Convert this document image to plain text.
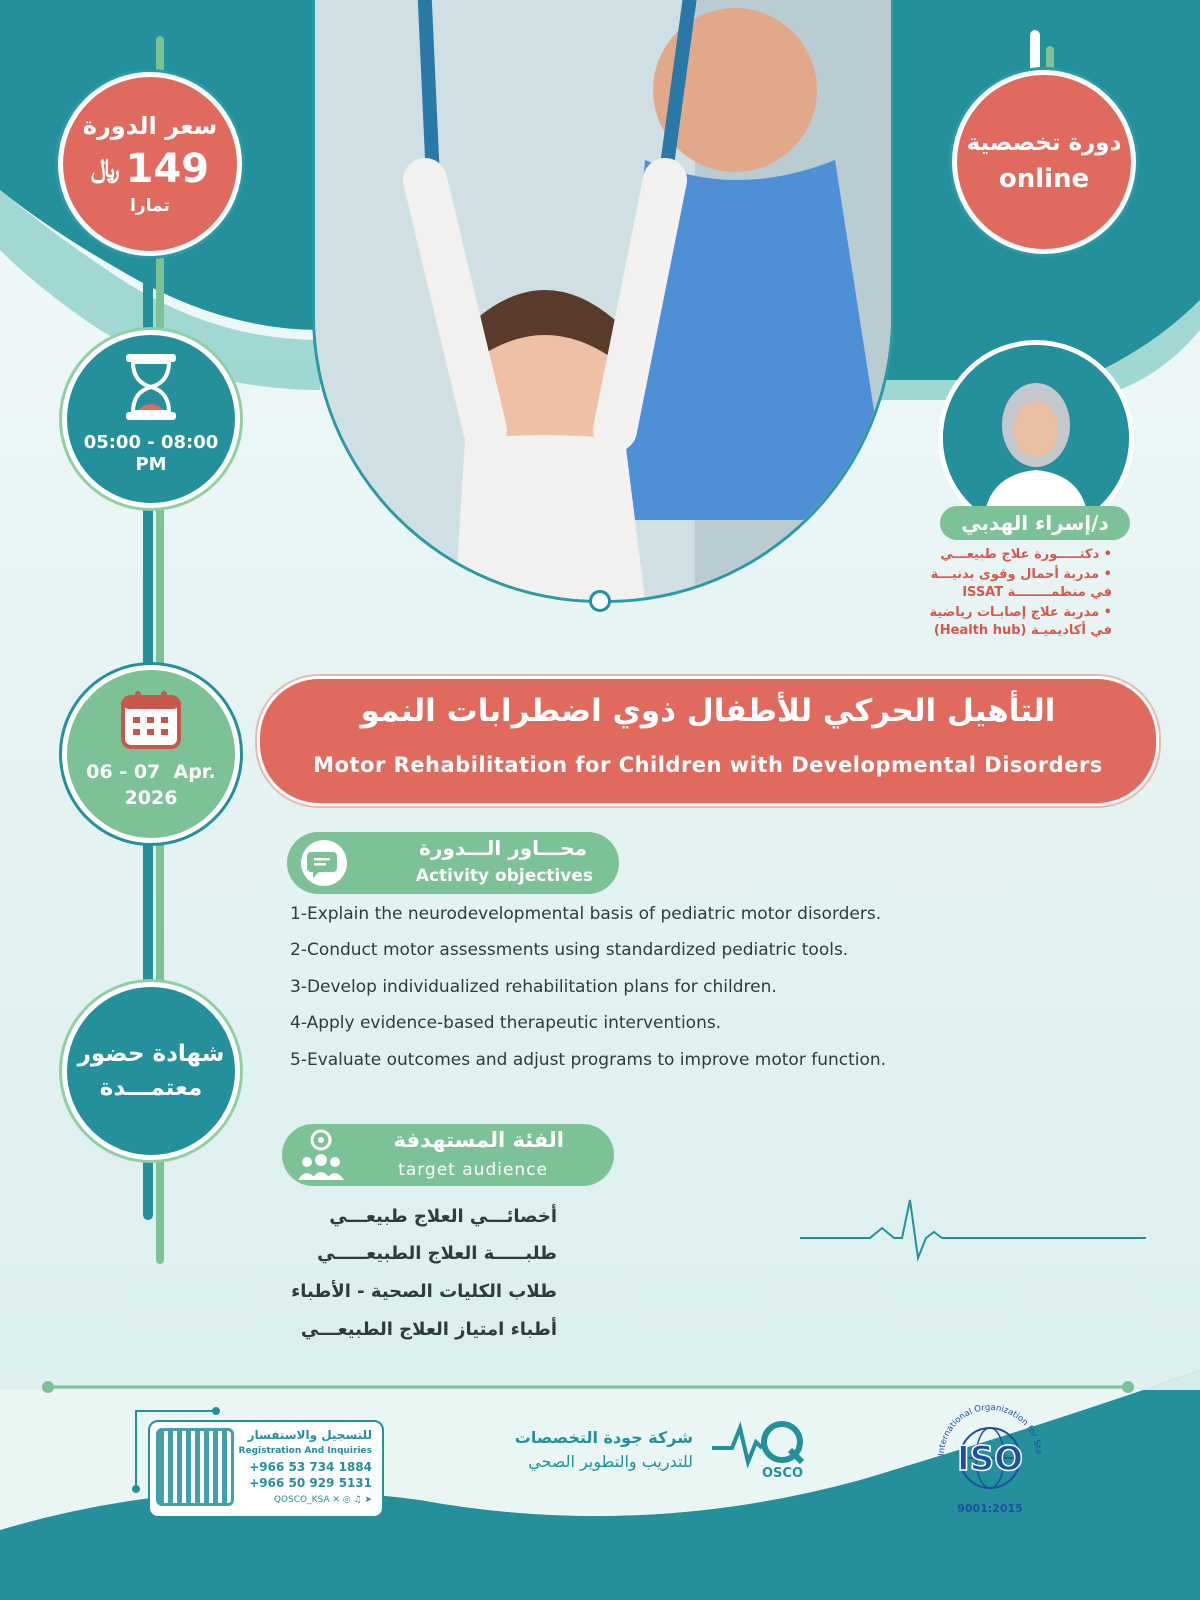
سعر الدورة
﷼ 149
تمارا
دورة تخصصية
online
05:00 - 08:00
PM
06 - 07  Apr.
2026
شهادة حضور
معتمـــدة
د/إسراء الهدبي
• دكتـــــورة علاج طبيعـــي
• مدربة أحمال وقوى بدنيـــة
في منظمــــــــة ISSAT
• مدربة علاج إصابـات رياضية
في أكاديميـة (Health hub)
التأهيل الحركي للأطفال ذوي اضطرابات النمو
Motor Rehabilitation for Children with Developmental Disorders
محـــاور الـــدورة
Activity objectives
1-Explain the neurodevelopmental basis of pediatric motor disorders.
2-Conduct motor assessments using standardized pediatric tools.
3-Develop individualized rehabilitation plans for children.
4-Apply evidence-based therapeutic interventions.
5-Evaluate outcomes and adjust programs to improve motor function.
الفئة المستهدفة
target audience
أخصائـــي العلاج طبيعـــي
طلبـــــة العلاج الطبيعـــــي
طلاب الكليات الصحية - الأطباء
أطباء امتياز العلاج الطبيعـــي
للتسجيل والاستفسار
Registration And Inquiries
+966 53 734 1884
+966 50 929 5131
QOSCO_KSA ✕ ◎ ♫ ➤
شركة جودة التخصصات
للتدريب والتطوير الصحي
OSCO
International Organization for Sta
ISO
9001:2015
